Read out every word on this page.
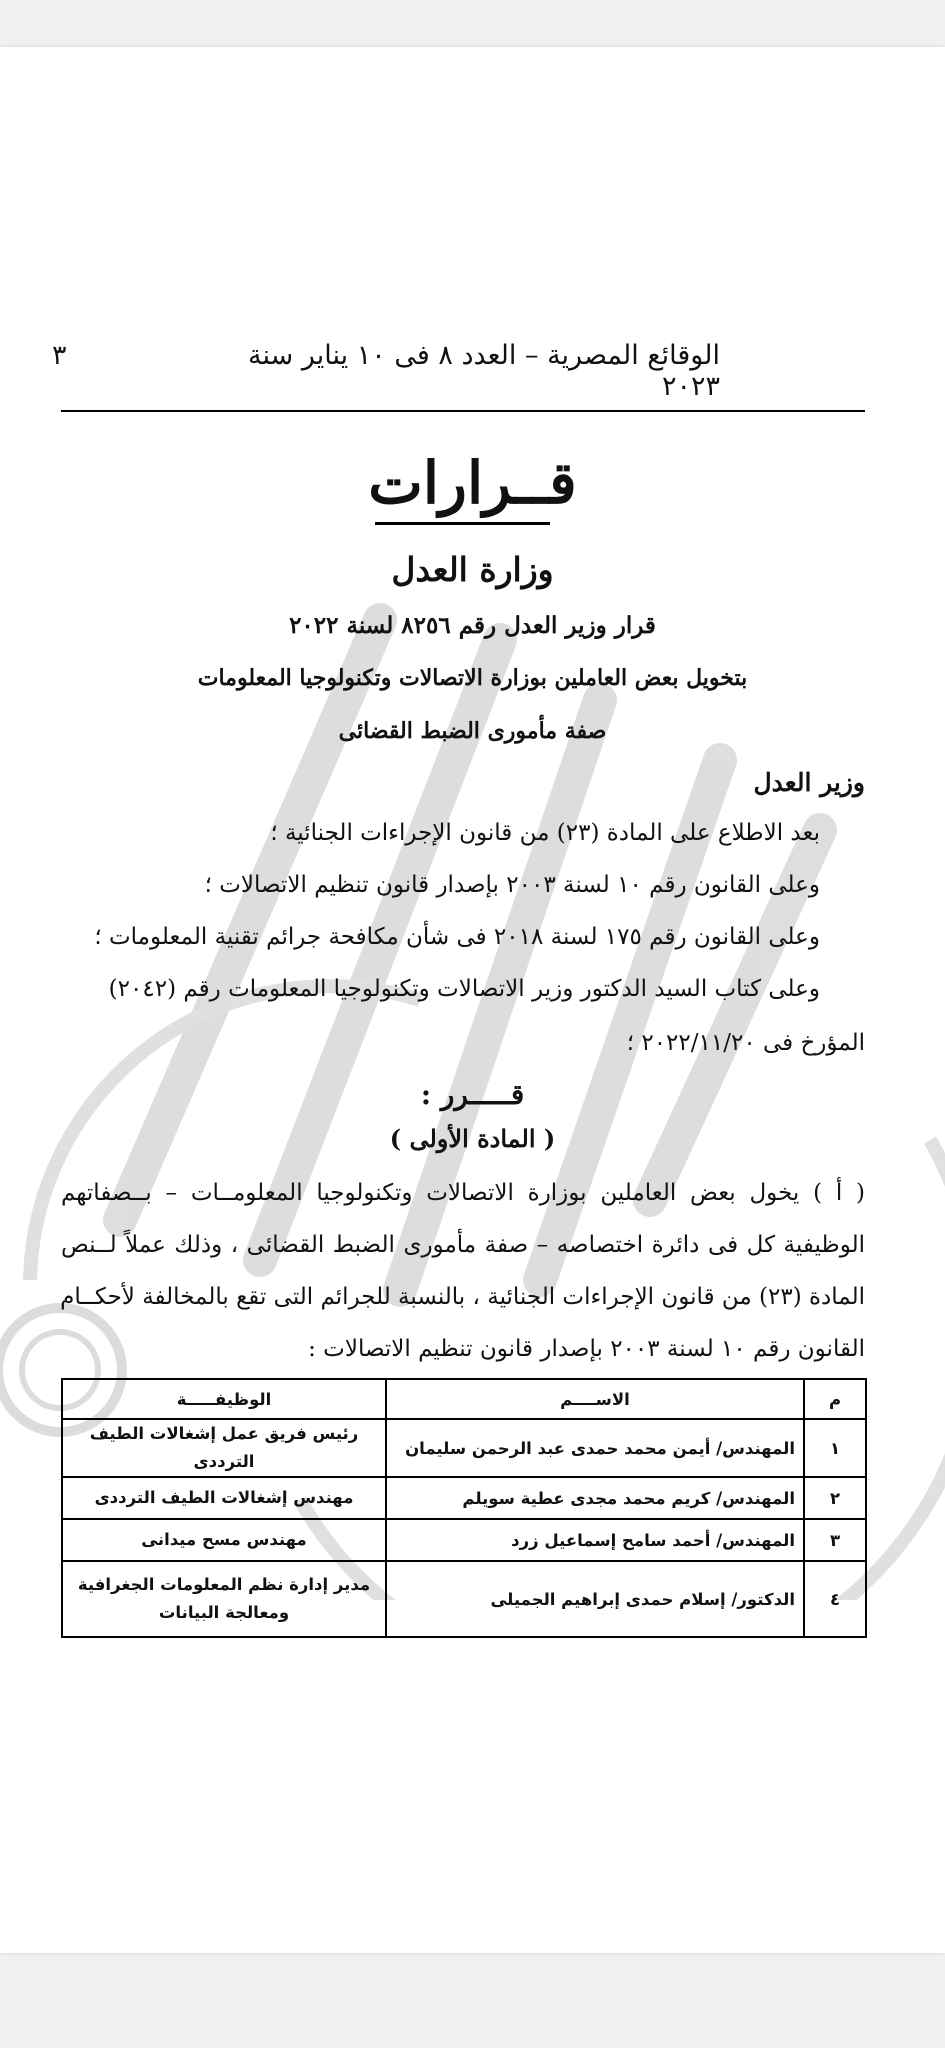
الوقائع المصرية – العدد ٨ فى ١٠ يناير سنة ٢٠٢٣
٣
قــرارات
وزارة العدل
قرار وزير العدل رقم ٨٢٥٦ لسنة ٢٠٢٢
بتخويل بعض العاملين بوزارة الاتصالات وتكنولوجيا المعلومات
صفة مأمورى الضبط القضائى
وزير العدل
بعد الاطلاع على المادة (٢٣) من قانون الإجراءات الجنائية ؛
وعلى القانون رقم ١٠ لسنة ٢٠٠٣ بإصدار قانون تنظيم الاتصالات ؛
وعلى القانون رقم ١٧٥ لسنة ٢٠١٨ فى شأن مكافحة جرائم تقنية المعلومات ؛
وعلى كتاب السيد الدكتور وزير الاتصالات وتكنولوجيا المعلومات رقم (٢٠٤٢)
المؤرخ فى ٢٠٢٢/١١/٢٠ ؛
قـــــرر :
( المادة الأولى )
( أ ) يخول بعض العاملين بوزارة الاتصالات وتكنولوجيا المعلومــات – بــصفاتهم
الوظيفية كل فى دائرة اختصاصه – صفة مأمورى الضبط القضائى ، وذلك عملاً لــنص
المادة (٢٣) من قانون الإجراءات الجنائية ، بالنسبة للجرائم التى تقع بالمخالفة لأحكــام
القانون رقم ١٠ لسنة ٢٠٠٣ بإصدار قانون تنظيم الاتصالات :
م	الاســــم	الوظيفـــــة
١	المهندس/ أيمن محمد حمدى عبد الرحمن سليمان	رئيس فريق عمل إشغالات الطيف الترددى
٢	المهندس/ كريم محمد مجدى عطية سويلم	مهندس إشغالات الطيف الترددى
٣	المهندس/ أحمد سامح إسماعيل زرد	مهندس مسح ميدانى
٤	الدكتور/ إسلام حمدى إبراهيم الجميلى	مدير إدارة نظم المعلومات الجغرافية
ومعالجة البيانات
